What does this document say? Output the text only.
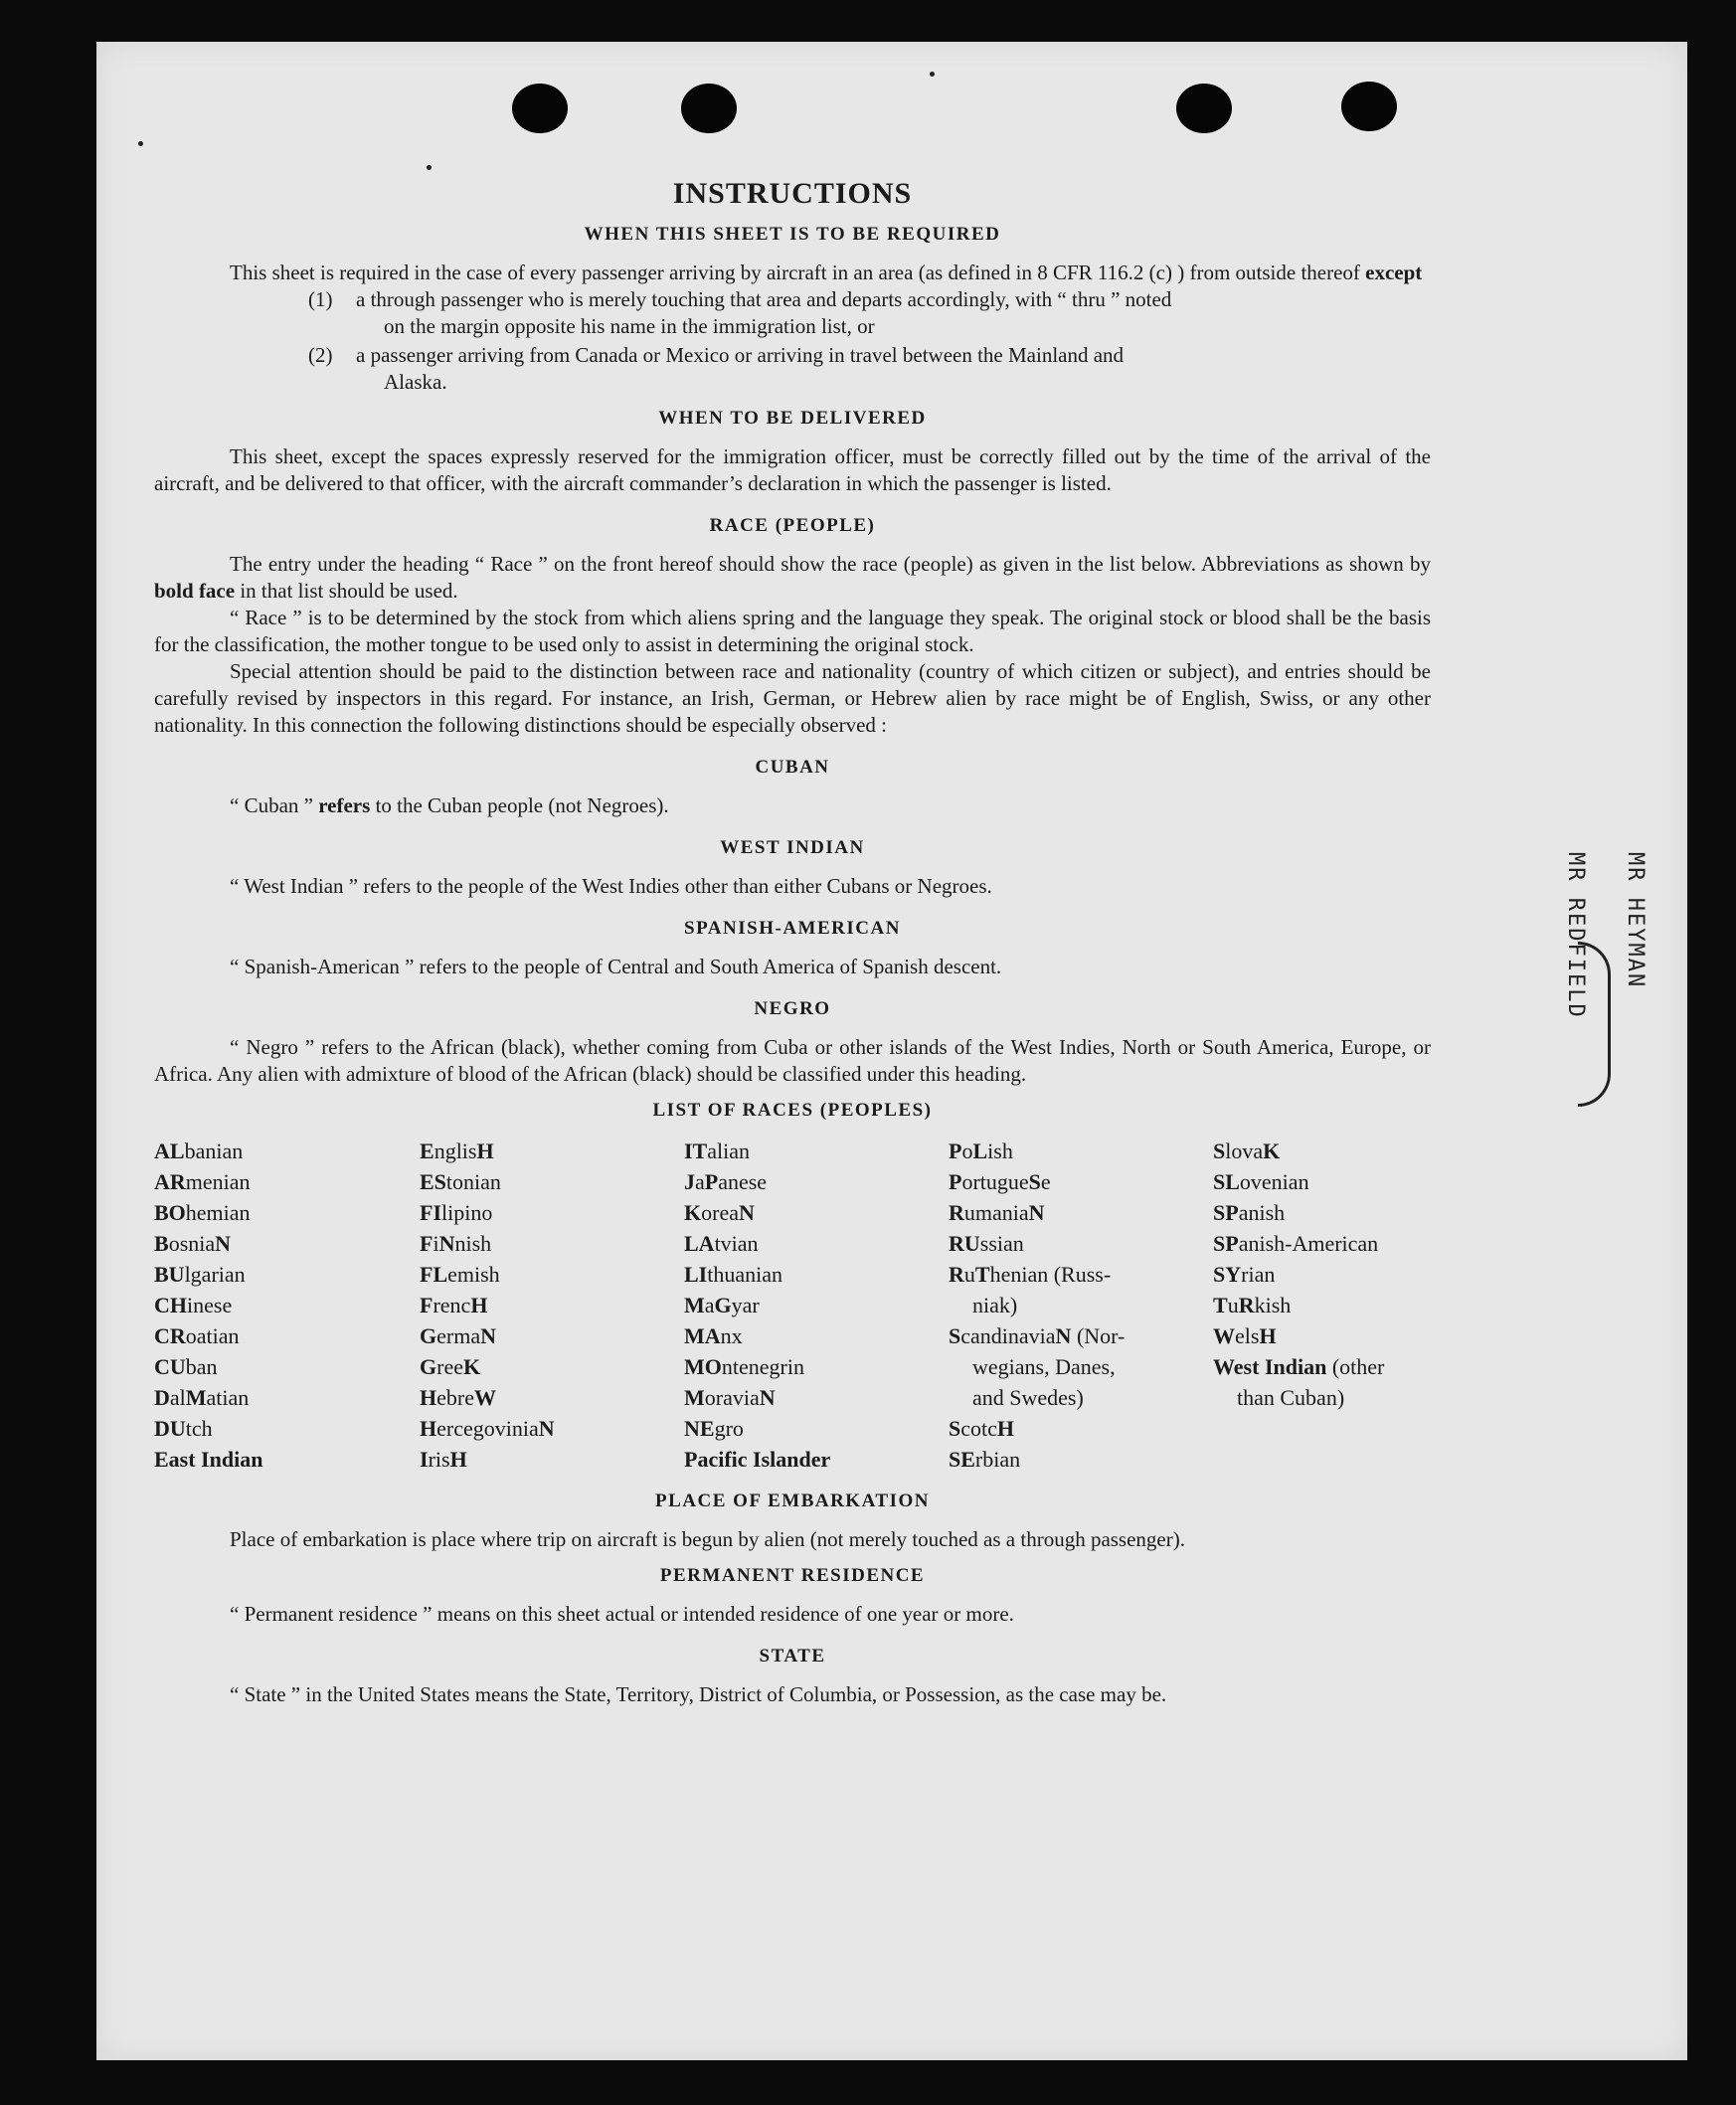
MR HEYMAN
MR REDFIELD
INSTRUCTIONS
WHEN THIS SHEET IS TO BE REQUIRED

This sheet is required in the case of every passenger arriving by aircraft in an area (as defined in 8 CFR 116.2 (c) ) from outside thereof except

(1)	a through passenger who is merely touching that area and departs accordingly, with “ thru ” noted
on the margin opposite his name in the immigration list, or
(2)	a passenger arriving from Canada or Mexico or arriving in travel between the Mainland and
Alaska.
WHEN TO BE DELIVERED

This sheet, except the spaces expressly reserved for the immigration officer, must be correctly filled out by the time of the arrival of the aircraft, and be delivered to that officer, with the aircraft commander’s declaration in which the passenger is listed.

RACE (PEOPLE)

The entry under the heading “ Race ” on the front hereof should show the race (people) as given in the list below. Abbreviations as shown by bold face in that list should be used.

“ Race ” is to be determined by the stock from which aliens spring and the language they speak. The original stock or blood shall be the basis for the classification, the mother tongue to be used only to assist in determining the original stock.

Special attention should be paid to the distinction between race and nationality (country of which citizen or subject), and entries should be carefully revised by inspectors in this regard. For instance, an Irish, German, or Hebrew alien by race might be of English, Swiss, or any other nationality. In this connection the following distinctions should be especially observed :

CUBAN

“ Cuban ” refers to the Cuban people (not Negroes).

WEST INDIAN

“ West Indian ” refers to the people of the West Indies other than either Cubans or Negroes.

SPANISH-AMERICAN

“ Spanish-American ” refers to the people of Central and South America of Spanish descent.

NEGRO

“ Negro ” refers to the African (black), whether coming from Cuba or other islands of the West Indies, North or South America, Europe, or Africa. Any alien with admixture of blood of the African (black) should be classified under this heading.

LIST OF RACES (PEOPLES)
ALbanian
ARmenian
BOhemian
BosniaN
BUlgarian
CHinese
CRoatian
CUban
DalMatian
DUtch
East Indian
EnglisH
EStonian
FIlipino
FiNnish
FLemish
FrencH
GermaN
GreeK
HebreW
HercegoviniaN
IrisH
ITalian
JaPanese
KoreaN
LAtvian
LIthuanian
MaGyar
MAnx
MOntenegrin
MoraviaN
NEgro
Pacific Islander
PoLish
PortugueSe
RumaniaN
RUssian
RuThenian (Russ-
niak)
ScandinaviaN (Nor-
wegians, Danes,
and Swedes)
ScotcH
SErbian
SlovaK
SLovenian
SPanish
SPanish-American
SYrian
TuRkish
WelsH
West Indian (other
than Cuban)
PLACE OF EMBARKATION

Place of embarkation is place where trip on aircraft is begun by alien (not merely touched as a through passenger).

PERMANENT RESIDENCE

“ Permanent residence ” means on this sheet actual or intended residence of one year or more.

STATE

“ State ” in the United States means the State, Territory, District of Columbia, or Possession, as the case may be.
